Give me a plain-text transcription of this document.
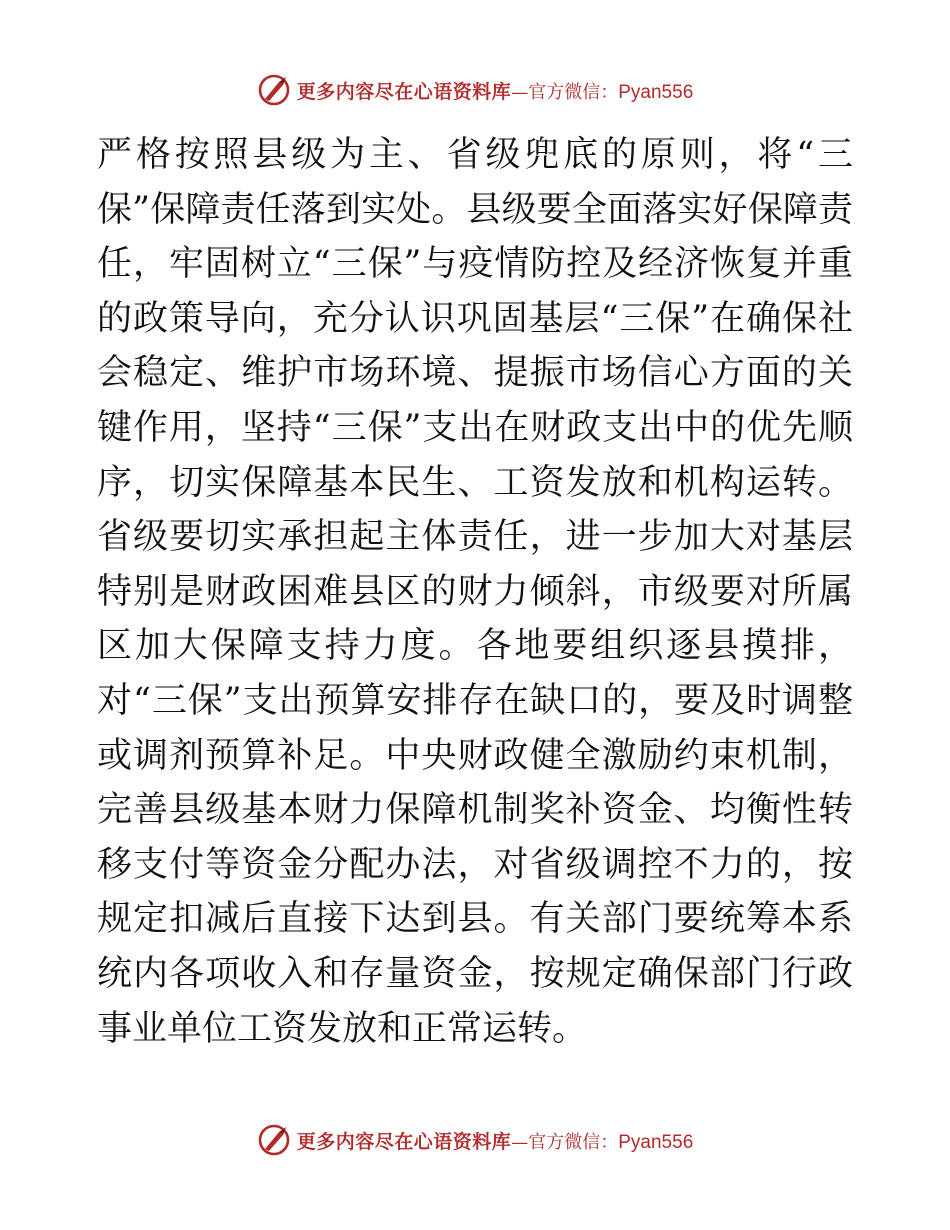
更多内容尽在心语资料库 — 官方微信： Pyan556

严格按照县级为主、省级兜底的原则，将“三保”保障责任落到实处。县级要全面落实好保障责任，牢固树立“三保”与疫情防控及经济恢复并重的政策导向，充分认识巩固基层“三保”在确保社会稳定、维护市场环境、提振市场信心方面的关键作用，坚持“三保”支出在财政支出中的优先顺序，切实保障基本民生、工资发放和机构运转。省级要切实承担起主体责任，进一步加大对基层特别是财政困难县区的财力倾斜，市级要对所属区加大保障支持力度。各地要组织逐县摸排，对“三保”支出预算安排存在缺口的，要及时调整或调剂预算补足。中央财政健全激励约束机制，完善县级基本财力保障机制奖补资金、均衡性转移支付等资金分配办法，对省级调控不力的，按规定扣减后直接下达到县。有关部门要统筹本系统内各项收入和存量资金，按规定确保部门行政事业单位工资发放和正常运转。

更多内容尽在心语资料库 — 官方微信： Pyan556
